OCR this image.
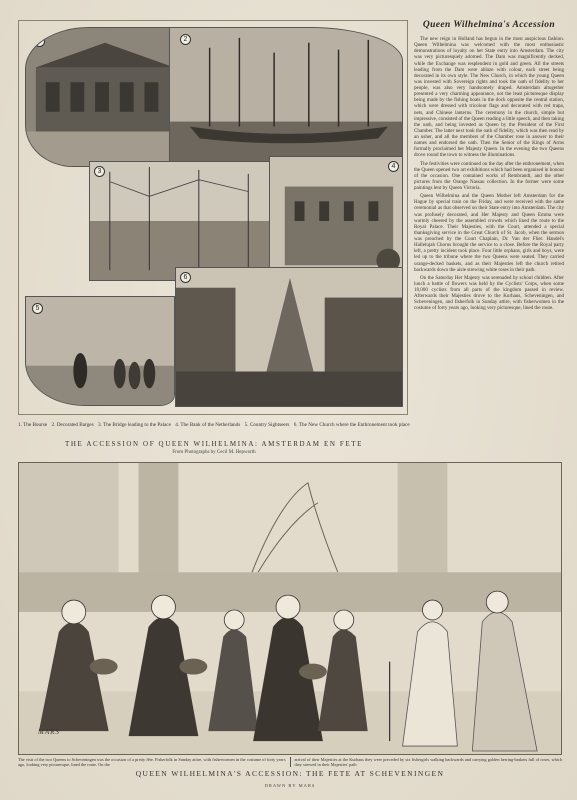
1	2
3
4
5
6
1. The Bourse 2. Decorated Barges 3. The Bridge leading to the Palace 4. The Bank of the Netherlands 5. Country Sightseers 6. The New Church where the Enthronement took place
THE ACCESSION OF QUEEN WILHELMINA: AMSTERDAM EN FETE
From Photographs by Cecil M. Hepworth
Queen Wilhelmina's Accession

The new reign in Holland has begun in the most auspicious fashion. Queen Wilhelmina was welcomed with the most enthusiastic demonstrations of loyalty on her State entry into Amsterdam. The city was very picturesquely adorned. The Dam was magnificently decked, while the Exchange was resplendent in gold and green. All the streets leading from the Dam were ablaze with colour, each street being decorated in its own style. The New Church, in which the young Queen was invested with Sovereign rights and took the oath of fidelity to her people, was also very handsomely draped. Amsterdam altogether presented a very charming appearance, not the least picturesque display being made by the fishing boats in the dock opposite the central station, which were dressed with tricolour flags and decorated with red trapa, nets, and Chinese lanterns. The ceremony in the church, simple but impressive, consisted of the Queen reading a little speech, and then taking the oath, and being invested as Queen by the President of the First Chamber. The latter next took the oath of fidelity, which was then read by an usher, and all the members of the Chamber rose in answer to their names and endorsed the oath. Then the Senior of the Kings of Arms formally proclaimed her Majesty Queen. In the evening the two Queens drove round the town to witness the illuminations.

The festivities were continued on the day after the enthronement, when the Queen opened two art exhibitions which had been organised in honour of the occasion. One contained works of Rembrandt, and the other pictures from the Orange Nassau collection. In the former were some paintings lent by Queen Victoria.

Queen Wilhelmina and the Queen Mother left Amsterdam for the Hague by special train on the Friday, and were received with the same ceremonial as that observed on their State entry into Amsterdam. The city was profusely decorated, and Her Majesty and Queen Emma were warmly cheered by the assembled crowds which lined the route to the Royal Palace. Their Majesties, with the Court, attended a special thanksgiving service in the Great Church of St. Jacob, when the sermon was preached by the Court Chaplain, Dr. Van der Flier. Handel's Hallelujah Chorus brought the service to a close. Before the Royal party left, a pretty incident took place. Four little orphans, girls and boys, were led up to the tribune where the two Queens were seated. They carried orange-decked baskets, and as their Majesties left the church retired backwards down the aisle strewing white roses in their path.

On the Saturday Her Majesty was serenaded by school children. After lunch a battle of flowers was held by the Cyclists' Corps, when some 18,000 cyclists from all parts of the kingdom passed in review. Afterwards their Majesties drove to the Kurhaus, Scheveningen, and Scheveningen, and fisherfolk in Sunday attire, with fisherwomen in the costume of forty years ago, looking very picturesque, lined the route.

MARS
The visit of the two Queens to Scheveningen was the occasion of a pretty fête. Fisherfolk in Sunday attire, with fisherwomen in the costume of forty years ago, looking very picturesque, lined the route. On the
arrival of their Majesties at the Kurhaus they were preceded by six fishergirls walking backwards and carrying golden herring-baskets full of roses, which they strewed in their Majesties' path
QUEEN WILHELMINA'S ACCESSION: THE FETE AT SCHEVENINGEN
DRAWN BY MARS
